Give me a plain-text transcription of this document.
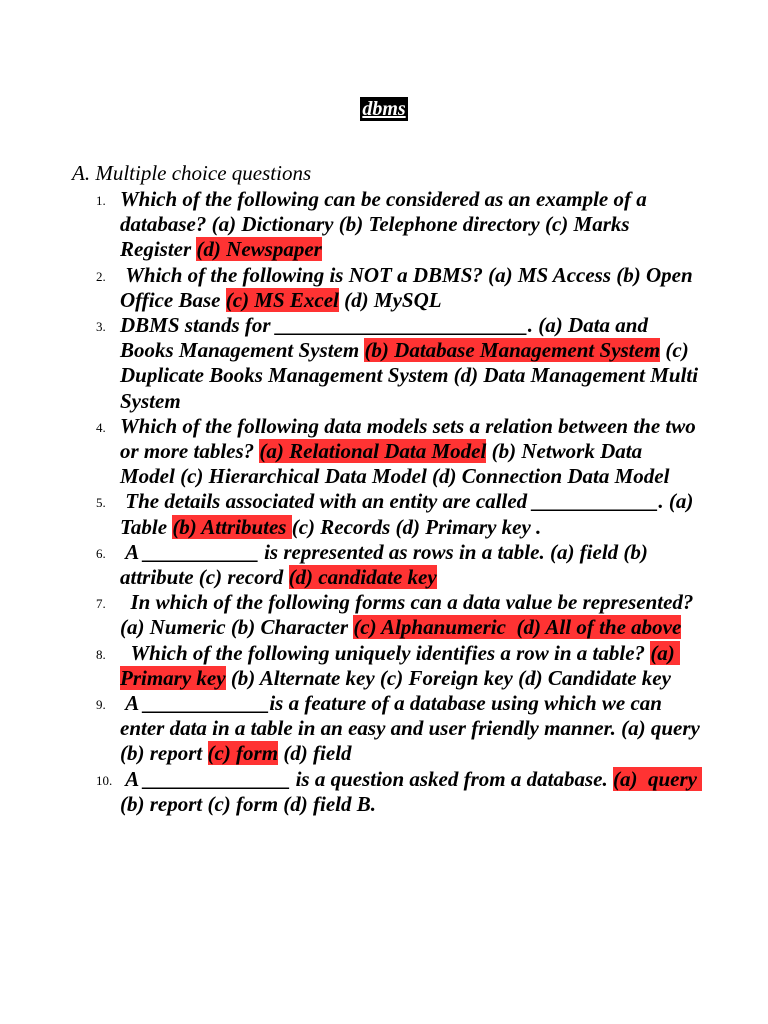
dbms
A. Multiple choice questions
1. Which of the following can be considered as an example of a database? (a) Dictionary (b) Telephone directory (c) Marks Register (d) Newspaper
2. Which of the following is NOT a DBMS? (a) MS Access (b) Open Office Base (c) MS Excel (d) MySQL
3. DBMS stands for ________________________. (a) Data and Books Management System (b) Database Management System (c) Duplicate Books Management System (d) Data Management Multi System
4. Which of the following data models sets a relation between the two or more tables? (a) Relational Data Model (b) Network Data Model (c) Hierarchical Data Model (d) Connection Data Model
5. The details associated with an entity are called ____________. (a) Table (b) Attributes (c) Records (d) Primary key .
6. A ___________ is represented as rows in a table. (a) field (b) attribute (c) record (d) candidate key
7. In which of the following forms can a data value be represented? (a) Numeric (b) Character (c) Alphanumeric  (d) All of the above
8. Which of the following uniquely identifies a row in a table? (a) Primary key (b) Alternate key (c) Foreign key (d) Candidate key
9. A ____________is a feature of a database using which we can enter data in a table in an easy and user friendly manner. (a) query (b) report (c) form (d) field
10. A ______________ is a question asked from a database. (a)  query (b) report (c) form (d) field B.
